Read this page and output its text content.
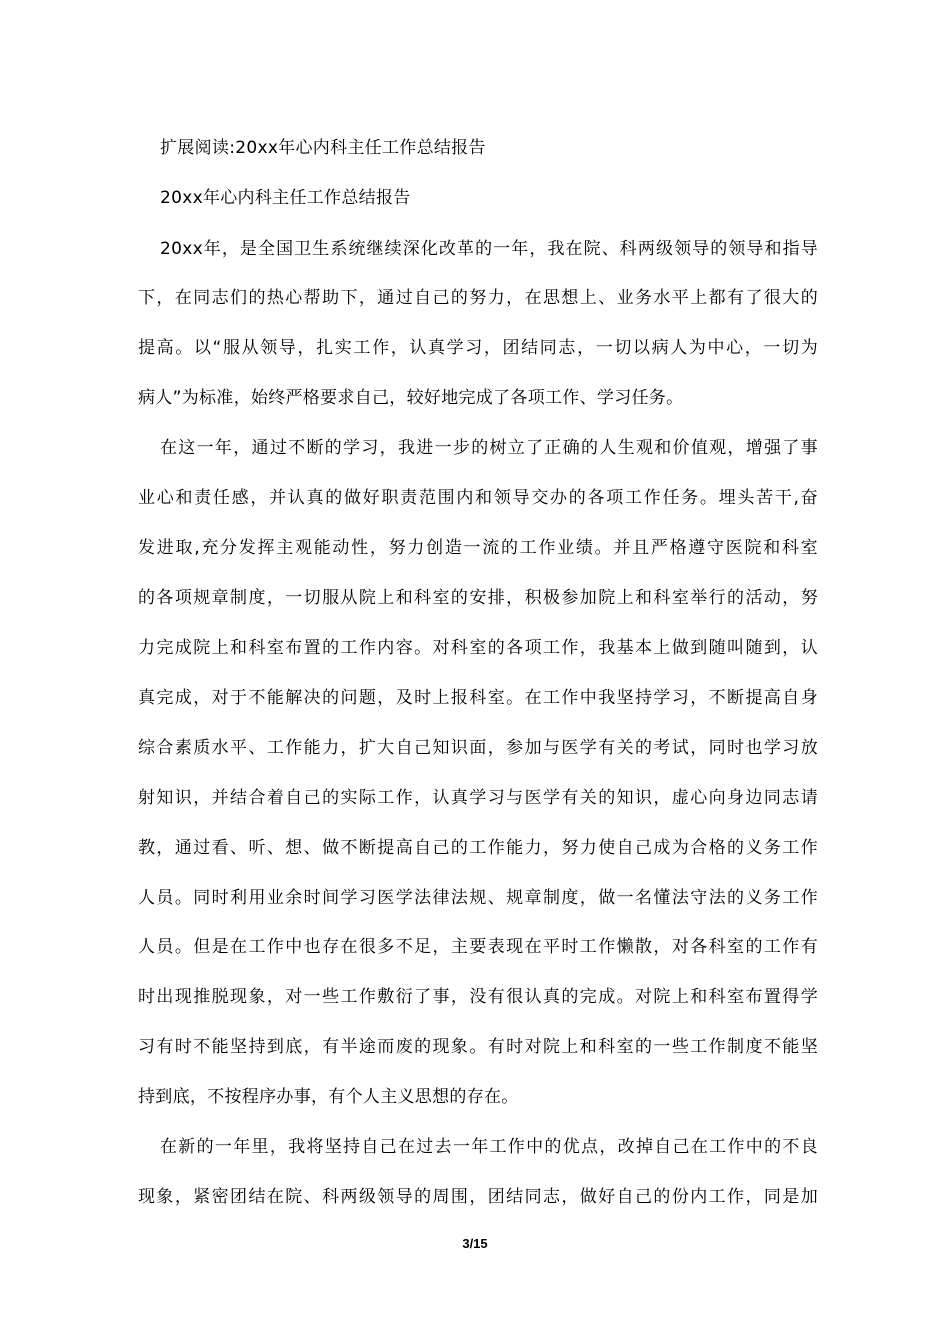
扩展阅读:20xx年心内科主任工作总结报告
20xx年心内科主任工作总结报告
20xx年，是全国卫生系统继续深化改革的一年，我在院、科两级领导的领导和指导
下，在同志们的热心帮助下，通过自己的努力，在思想上、业务水平上都有了很大的
提高。以“服从领导，扎实工作，认真学习，团结同志，一切以病人为中心，一切为
病人”为标准，始终严格要求自己，较好地完成了各项工作、学习任务。
在这一年，通过不断的学习，我进一步的树立了正确的人生观和价值观，增强了事
业心和责任感，并认真的做好职责范围内和领导交办的各项工作任务。埋头苦干,奋
发进取,充分发挥主观能动性，努力创造一流的工作业绩。并且严格遵守医院和科室
的各项规章制度，一切服从院上和科室的安排，积极参加院上和科室举行的活动，努
力完成院上和科室布置的工作内容。对科室的各项工作，我基本上做到随叫随到，认
真完成，对于不能解决的问题，及时上报科室。在工作中我坚持学习，不断提高自身
综合素质水平、工作能力，扩大自己知识面，参加与医学有关的考试，同时也学习放
射知识，并结合着自己的实际工作，认真学习与医学有关的知识，虚心向身边同志请
教，通过看、听、想、做不断提高自己的工作能力，努力使自己成为合格的义务工作
人员。同时利用业余时间学习医学法律法规、规章制度，做一名懂法守法的义务工作
人员。但是在工作中也存在很多不足，主要表现在平时工作懒散，对各科室的工作有
时出现推脱现象，对一些工作敷衍了事，没有很认真的完成。对院上和科室布置得学
习有时不能坚持到底，有半途而废的现象。有时对院上和科室的一些工作制度不能坚
持到底，不按程序办事，有个人主义思想的存在。
在新的一年里，我将坚持自己在过去一年工作中的优点，改掉自己在工作中的不良
现象，紧密团结在院、科两级领导的周围，团结同志，做好自己的份内工作，同是加
3/15
